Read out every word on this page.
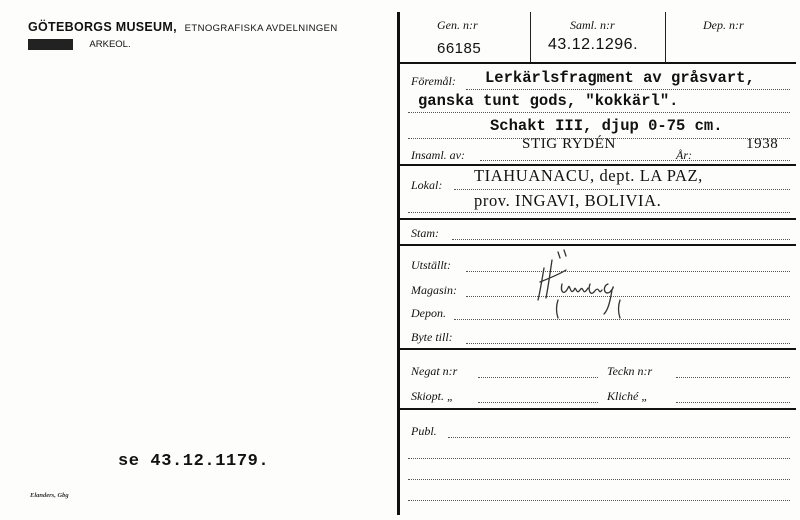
GÖTEBORGS MUSEUM, ETNOGRAFISKA AVDELNINGEN
ETNOGR. ARKEOL.
se 43.12.1179.
Elanders, Gbg
Gen. n:r
66185
Saml. n:r
43.12.1296.
Dep. n:r
Föremål: Lerkärlsfragment av gråsvart,
ganska tunt gods, "kokkärl".
Schakt III, djup 0-75 cm.
Insaml. av:
STIG RYDÉN
År:
1938
Lokal: TIAHUANACU, dept. LA PAZ,
prov. INGAVI, BOLIVIA.
Stam:
Utställt:
Magasin:
Depon.
Byte till:
Negat n:r	Teckn n:r
Skiopt. „	Kliché „
Publ.
